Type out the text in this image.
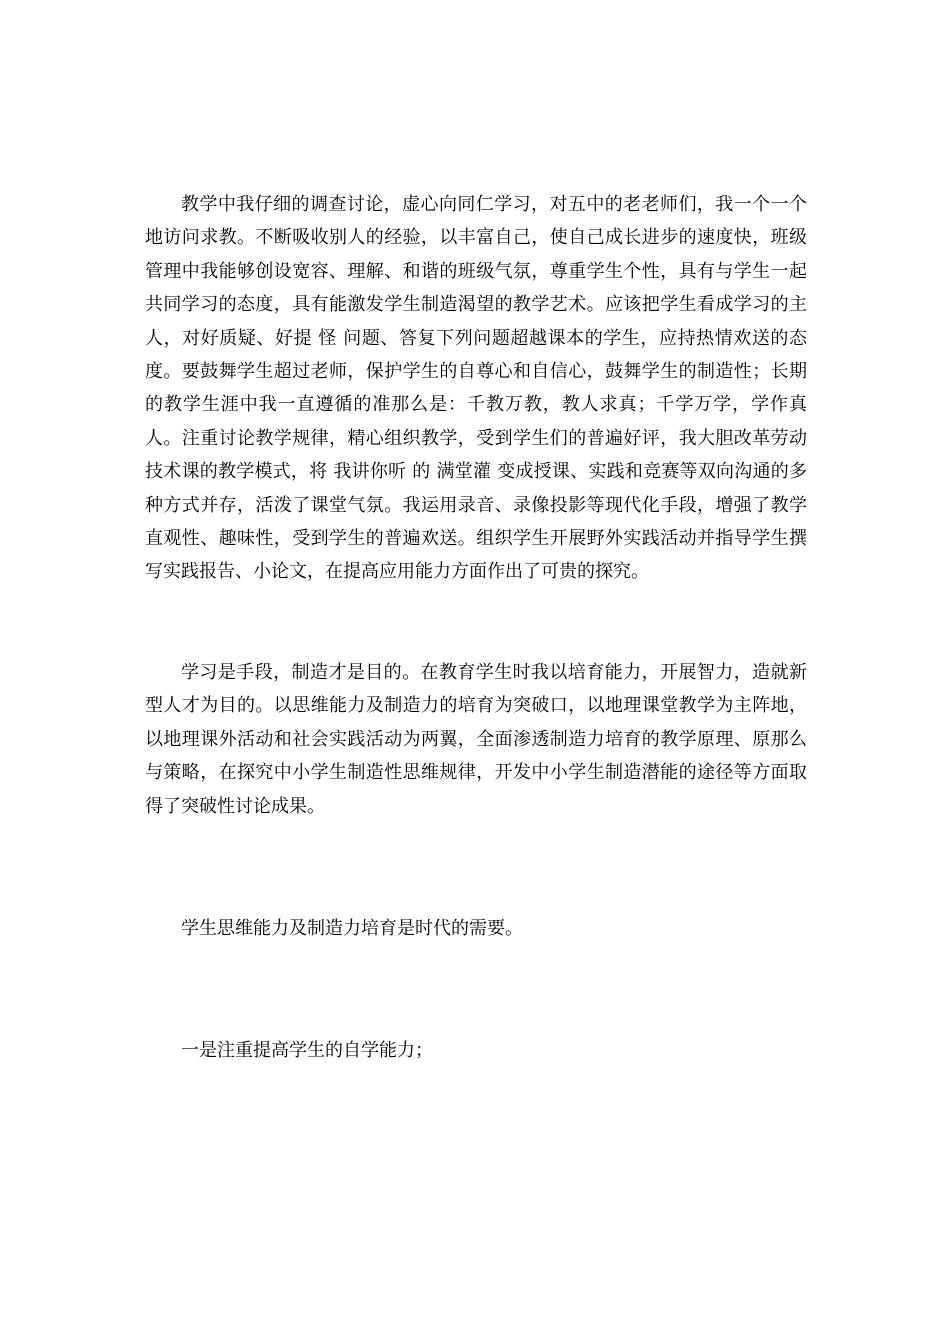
教学中我仔细的调查讨论，虚心向同仁学习，对五中的老老师们，我一个一个地访问求教。不断吸收别人的经验，以丰富自己，使自己成长进步的速度快，班级管理中我能够创设宽容、理解、和谐的班级气氛，尊重学生个性，具有与学生一起共同学习的态度，具有能激发学生制造渴望的教学艺术。应该把学生看成学习的主人，对好质疑、好提 怪 问题、答复下列问题超越课本的学生，应持热情欢送的态度。要鼓舞学生超过老师，保护学生的自尊心和自信心，鼓舞学生的制造性；长期的教学生涯中我一直遵循的准那么是：千教万教，教人求真；千学万学，学作真人。注重讨论教学规律，精心组织教学，受到学生们的普遍好评，我大胆改革劳动技术课的教学模式，将 我讲你听 的 满堂灌 变成授课、实践和竞赛等双向沟通的多种方式并存，活泼了课堂气氛。我运用录音、录像投影等现代化手段，增强了教学直观性、趣味性，受到学生的普遍欢送。组织学生开展野外实践活动并指导学生撰写实践报告、小论文，在提高应用能力方面作出了可贵的探究。

学习是手段，制造才是目的。在教育学生时我以培育能力，开展智力，造就新型人才为目的。以思维能力及制造力的培育为突破口，以地理课堂教学为主阵地，以地理课外活动和社会实践活动为两翼，全面渗透制造力培育的教学原理、原那么与策略，在探究中小学生制造性思维规律，开发中小学生制造潜能的途径等方面取得了突破性讨论成果。

学生思维能力及制造力培育是时代的需要。

一是注重提高学生的自学能力；
